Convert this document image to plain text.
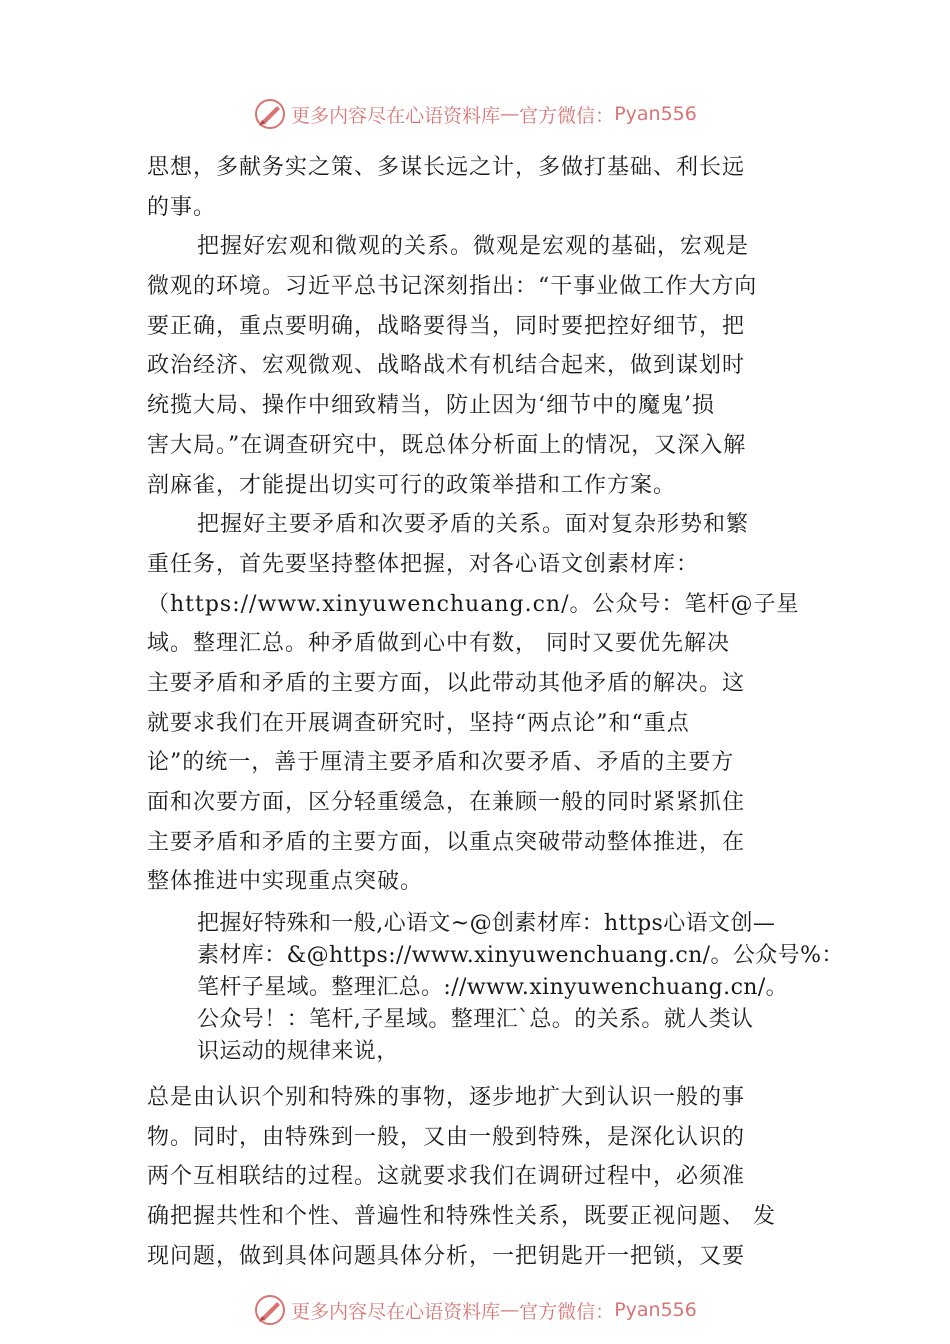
更多内容尽在心语资料库 — 官方微信： Pyan556
思想，多献务实之策、多谋长远之计，多做打基础、利长远
的事。
把握好宏观和微观的关系。微观是宏观的基础，宏观是
微观的环境。习近平总书记深刻指出：“干事业做工作大方向
要正确，重点要明确，战略要得当，同时要把控好细节，把
政治经济、宏观微观、战略战术有机结合起来，做到谋划时
统揽大局、操作中细致精当，防止因为‘细节中的魔鬼’损
害大局。”在调查研究中，既总体分析面上的情况，又深入解
剖麻雀，才能提出切实可行的政策举措和工作方案。
把握好主要矛盾和次要矛盾的关系。面对复杂形势和繁
重任务，首先要坚持整体把握，对各心语文创素材库：
（https://www.xinyuwenchuang.cn/。公众号：笔杆@子星
域。整理汇总。种矛盾做到心中有数， 同时又要优先解决
主要矛盾和矛盾的主要方面，以此带动其他矛盾的解决。这
就要求我们在开展调查研究时，坚持“两点论”和“重点
论”的统一，善于厘清主要矛盾和次要矛盾、矛盾的主要方
面和次要方面，区分轻重缓急，在兼顾一般的同时紧紧抓住
主要矛盾和矛盾的主要方面，以重点突破带动整体推进，在
整体推进中实现重点突破。
把握好特殊和一般,心语文~@创素材库：https心语文创—
素材库：&@https://www.xinyuwenchuang.cn/。公众号%：
笔杆子星域。整理汇总。://www.xinyuwenchuang.cn/。
公众号！：笔杆,子星域。整理汇`总。的关系。就人类认
识运动的规律来说，
总是由认识个别和特殊的事物，逐步地扩大到认识一般的事
物。同时，由特殊到一般，又由一般到特殊，是深化认识的
两个互相联结的过程。这就要求我们在调研过程中，必须准
确把握共性和个性、普遍性和特殊性关系，既要正视问题、 发
现问题，做到具体问题具体分析，一把钥匙开一把锁，又要
更多内容尽在心语资料库 — 官方微信： Pyan556
